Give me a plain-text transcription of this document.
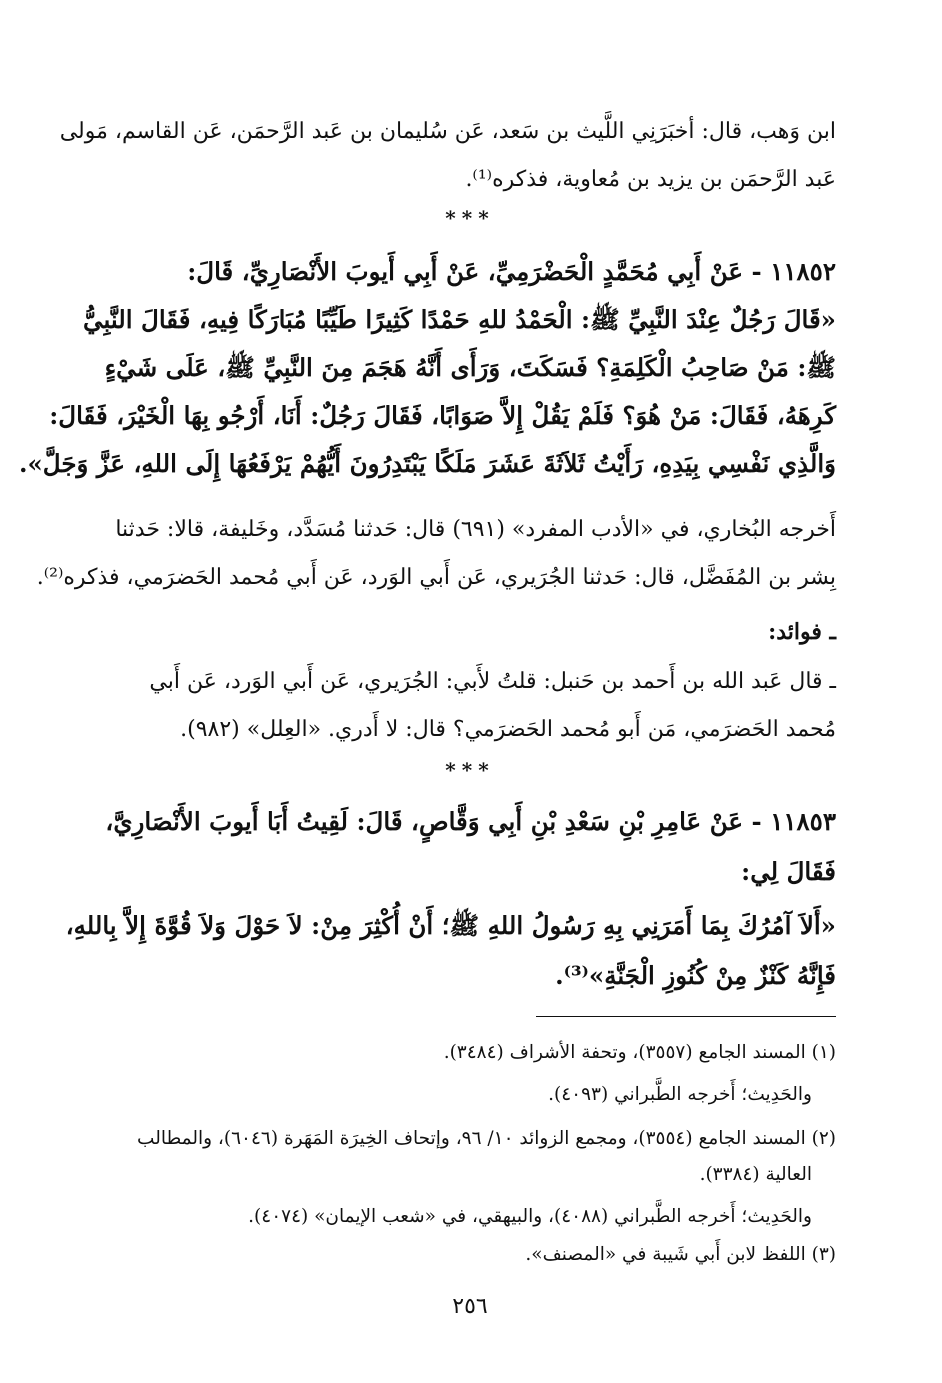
ابن وَهب، قال: أخبَرَنِي اللَّيث بن سَعد، عَن سُليمان بن عَبد الرَّحمَن، عَن القاسم، مَولى
عَبد الرَّحمَن بن يزيد بن مُعاوية، فذكره⁽¹⁾.
***
١١٨٥٢ - عَنْ أَبِي مُحَمَّدٍ الْحَضْرَمِيِّ، عَنْ أَبِي أَيوبَ الأَنْصَارِيِّ، قَالَ:
«قَالَ رَجُلٌ عِنْدَ النَّبِيِّ ﷺ: الْحَمْدُ للهِ حَمْدًا كَثِيرًا طَيِّبًا مُبَارَكًا فِيهِ، فَقَالَ النَّبِيُّ
ﷺ: مَنْ صَاحِبُ الْكَلِمَةِ؟ فَسَكَتَ، وَرَأَى أَنَّهُ هَجَمَ مِنَ النَّبِيِّ ﷺ، عَلَى شَيْءٍ
كَرِهَهُ، فَقَالَ: مَنْ هُوَ؟ فَلَمْ يَقُلْ إِلاَّ صَوَابًا، فَقَالَ رَجُلٌ: أَنَا، أَرْجُو بِهَا الْخَيْرَ، فَقَالَ:
وَالَّذِي نَفْسِي بِيَدِهِ، رَأَيْتُ ثَلاَثَةَ عَشَرَ مَلَكًا يَبْتَدِرُونَ أَيُّهُمْ يَرْفَعُهَا إِلَى اللهِ، عَزَّ وَجَلَّ».
أَخرجه البُخاري، في «الأدب المفرد» (٦٩١) قال: حَدثنا مُسَدَّد، وخَليفة، قالا: حَدثنا
بِشر بن المُفَضَّل، قال: حَدثنا الجُرَيري، عَن أَبي الوَرد، عَن أَبي مُحمد الحَضرَمي، فذكره⁽²⁾.
ـ فوائد:
ـ قال عَبد الله بن أَحمد بن حَنبل: قلتُ لأَبي: الجُرَيري، عَن أَبي الوَرد، عَن أَبي
مُحمد الحَضرَمي، مَن أَبو مُحمد الحَضرَمي؟ قال: لا أَدري. «العِلل» (٩٨٢).
***
١١٨٥٣ - عَنْ عَامِرِ بْنِ سَعْدِ بْنِ أَبِي وَقَّاصٍ، قَالَ: لَقِيتُ أَبَا أَيوبَ الأَنْصَارِيَّ،
فَقَالَ لِي:
«أَلاَ آمُرُكَ بِمَا أَمَرَنِي بِهِ رَسُولُ اللهِ ﷺ؛ أَنْ أُكْثِرَ مِنْ: لاَ حَوْلَ وَلاَ قُوَّةَ إِلاَّ بِاللهِ،
فَإِنَّهُ كَنْزٌ مِنْ كُنُوزِ الْجَنَّةِ»⁽³⁾.
(١) المسند الجامع (٣٥٥٧)، وتحفة الأشراف (٣٤٨٤).
والحَدِيث؛ أَخرجه الطَّبراني (٤٠٩٣).
(٢) المسند الجامع (٣٥٥٤)، ومجمع الزوائد ١٠/ ٩٦، وإتحاف الخِيرَة المَهَرة (٦٠٤٦)، والمطالب
العالية (٣٣٨٤).
والحَدِيث؛ أَخرجه الطَّبراني (٤٠٨٨)، والبيهقي، في «شعب الإيمان» (٤٠٧٤).
(٣) اللفظ لابن أَبي شَيبة في «المصنف».
٢٥٦
